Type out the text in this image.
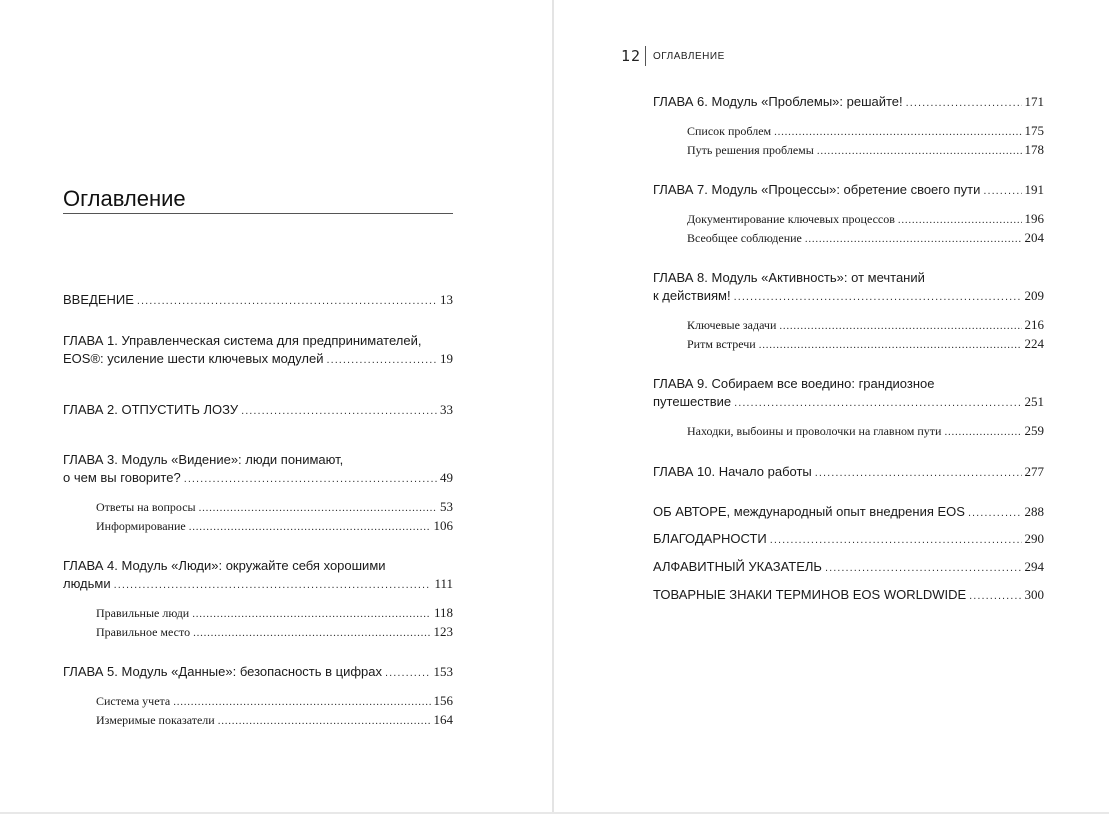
12 ОГЛАВЛЕНИЕ
Оглавление
ВВЕДЕНИЕ . . .	13
ГЛАВА 1. Управленческая система для предпринимателей,
EOS®: усиление шести ключевых модулей . . .	19
ГЛАВА 2. ОТПУСТИТЬ ЛОЗУ . . .	33
ГЛАВА 3. Модуль «Видение»: люди понимают,
о чем вы говорите? . . .	49
Ответы на вопросы . . .	53
Информирование . . .	106
ГЛАВА 4. Модуль «Люди»: окружайте себя хорошими
людьми . . .	111
Правильные люди . . .	118
Правильное место . . .	123
ГЛАВА 5. Модуль «Данные»: безопасность в цифрах . . .	153
Система учета . . .	156
Измеримые показатели . . .	164
ГЛАВА 6. Модуль «Проблемы»: решайте! . . .	171
Список проблем . . .	175
Путь решения проблемы . . .	178
ГЛАВА 7. Модуль «Процессы»: обретение своего пути . . .	191
Документирование ключевых процессов . . .	196
Всеобщее соблюдение . . .	204
ГЛАВА 8. Модуль «Активность»: от мечтаний
к действиям! . . .	209
Ключевые задачи . . .	216
Ритм встречи . . .	224
ГЛАВА 9. Собираем все воедино: грандиозное
путешествие . . .	251
Находки, выбоины и проволочки на главном пути . . .	259
ГЛАВА 10. Начало работы . . .	277
ОБ АВТОРЕ, международный опыт внедрения EOS . . .	288
БЛАГОДАРНОСТИ . . .	290
АЛФАВИТНЫЙ УКАЗАТЕЛЬ . . .	294
ТОВАРНЫЕ ЗНАКИ ТЕРМИНОВ EOS WORLDWIDE . . .	300
